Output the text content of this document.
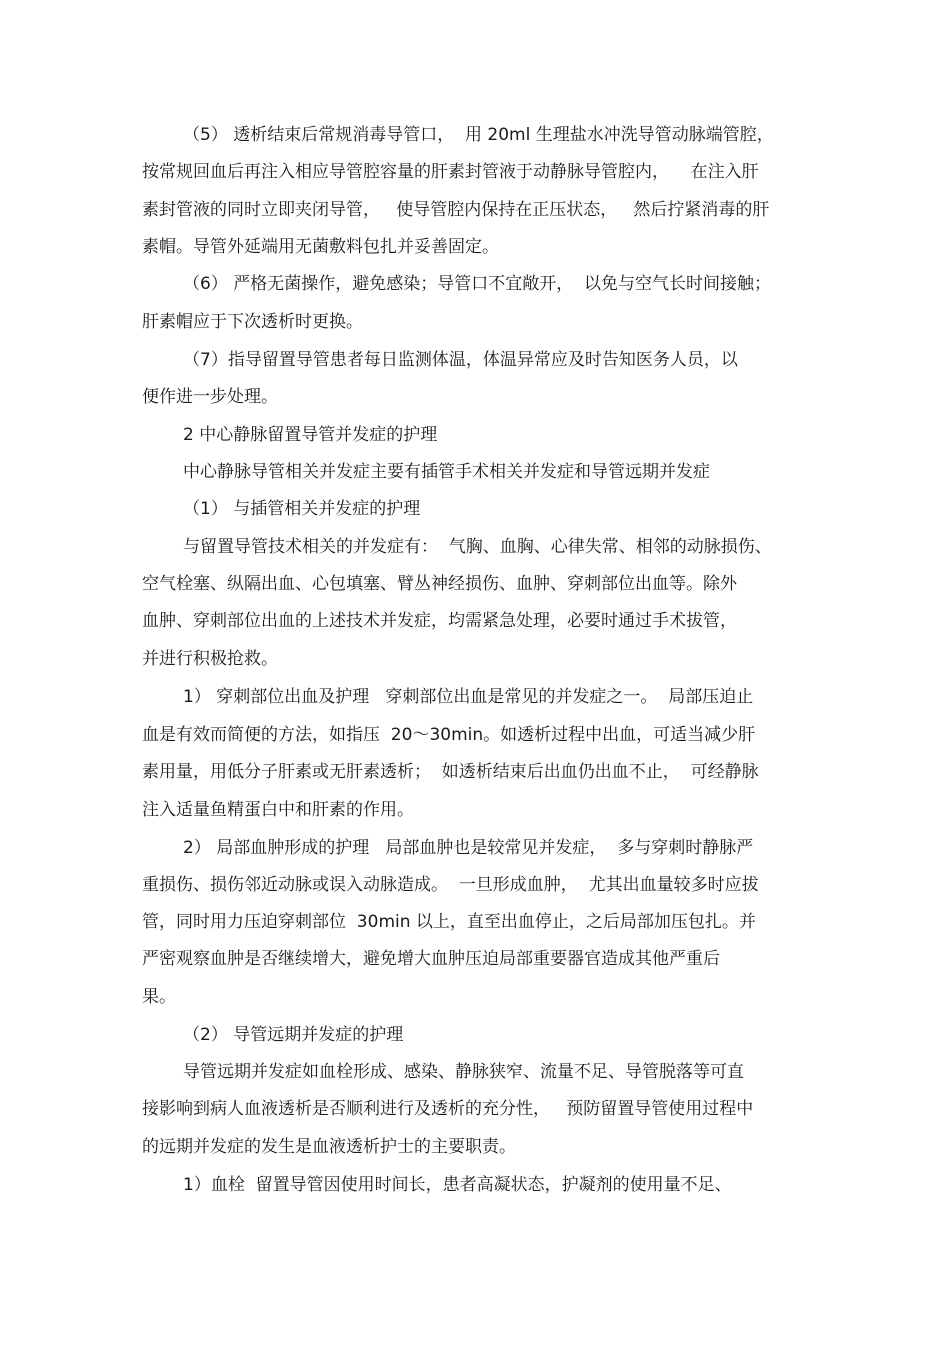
（5） 透析结束后常规消毒导管口，  用 20ml 生理盐水冲洗导管动脉端管腔，
按常规回血后再注入相应导管腔容量的肝素封管液于动静脉导管腔内，    在注入肝
素封管液的同时立即夹闭导管，   使导管腔内保持在正压状态，   然后拧紧消毒的肝
素帽。导管外延端用无菌敷料包扎并妥善固定。
（6） 严格无菌操作，避免感染；导管口不宜敞开，  以免与空气长时间接触；
肝素帽应于下次透析时更换。
（7）指导留置导管患者每日监测体温，体温异常应及时告知医务人员，以
便作进一步处理。
2 中心静脉留置导管并发症的护理
中心静脉导管相关并发症主要有插管手术相关并发症和导管远期并发症
（1） 与插管相关并发症的护理
与留置导管技术相关的并发症有：  气胸、血胸、心律失常、相邻的动脉损伤、
空气栓塞、纵隔出血、心包填塞、臂丛神经损伤、血肿、穿刺部位出血等。除外
血肿、穿刺部位出血的上述技术并发症，均需紧急处理，必要时通过手术拔管，
并进行积极抢救。
1） 穿刺部位出血及护理   穿刺部位出血是常见的并发症之一。  局部压迫止
血是有效而简便的方法，如指压  20～30min。如透析过程中出血，可适当减少肝
素用量，用低分子肝素或无肝素透析；  如透析结束后出血仍出血不止，  可经静脉
注入适量鱼精蛋白中和肝素的作用。
2） 局部血肿形成的护理   局部血肿也是较常见并发症，  多与穿刺时静脉严
重损伤、损伤邻近动脉或误入动脉造成。  一旦形成血肿，  尤其出血量较多时应拔
管，同时用力压迫穿刺部位  30min 以上，直至出血停止，之后局部加压包扎。并
严密观察血肿是否继续增大，避免增大血肿压迫局部重要器官造成其他严重后
果。
（2） 导管远期并发症的护理
导管远期并发症如血栓形成、感染、静脉狭窄、流量不足、导管脱落等可直
接影响到病人血液透析是否顺利进行及透析的充分性，   预防留置导管使用过程中
的远期并发症的发生是血液透析护士的主要职责。
1）血栓  留置导管因使用时间长，患者高凝状态，护凝剂的使用量不足、
